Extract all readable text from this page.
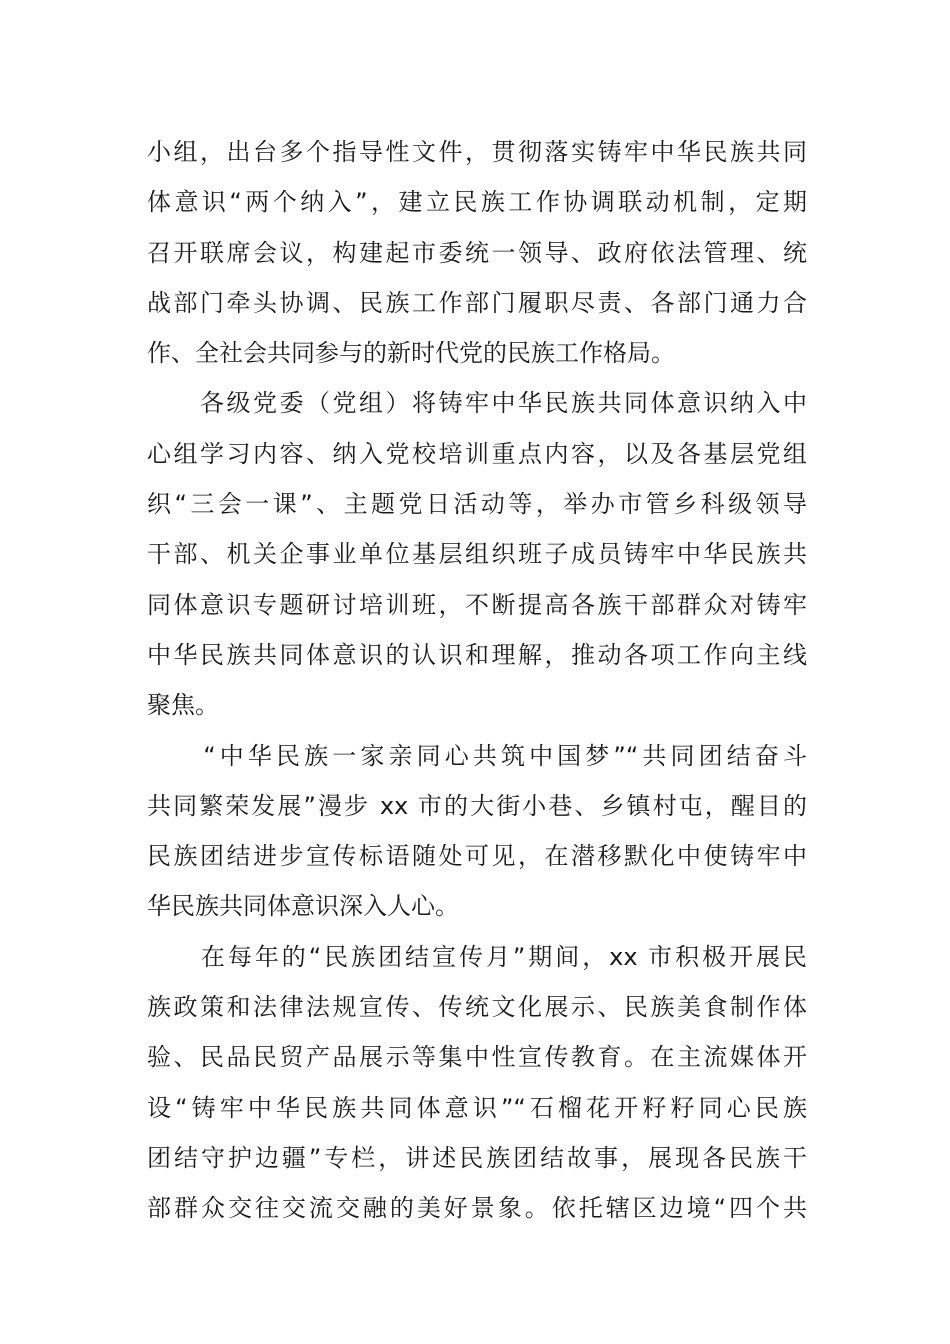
小组，出台多个指导性文件，贯彻落实铸牢中华民族共同
体意识“两个纳入”，建立民族工作协调联动机制，定期
召开联席会议，构建起市委统一领导、政府依法管理、统
战部门牵头协调、民族工作部门履职尽责、各部门通力合
作、全社会共同参与的新时代党的民族工作格局。
　　各级党委（党组）将铸牢中华民族共同体意识纳入中
心组学习内容、纳入党校培训重点内容，以及各基层党组
织“三会一课”、主题党日活动等，举办市管乡科级领导
干部、机关企事业单位基层组织班子成员铸牢中华民族共
同体意识专题研讨培训班，不断提高各族干部群众对铸牢
中华民族共同体意识的认识和理解，推动各项工作向主线
聚焦。
　　“中华民族一家亲同心共筑中国梦”“共同团结奋斗
共同繁荣发展”漫步 xx 市的大街小巷、乡镇村屯，醒目的
民族团结进步宣传标语随处可见，在潜移默化中使铸牢中
华民族共同体意识深入人心。
　　在每年的“民族团结宣传月”期间，xx 市积极开展民
族政策和法律法规宣传、传统文化展示、民族美食制作体
验、民品民贸产品展示等集中性宣传教育。在主流媒体开
设“铸牢中华民族共同体意识”“石榴花开籽籽同心民族
团结守护边疆”专栏，讲述民族团结故事，展现各民族干
部群众交往交流交融的美好景象。依托辖区边境“四个共
